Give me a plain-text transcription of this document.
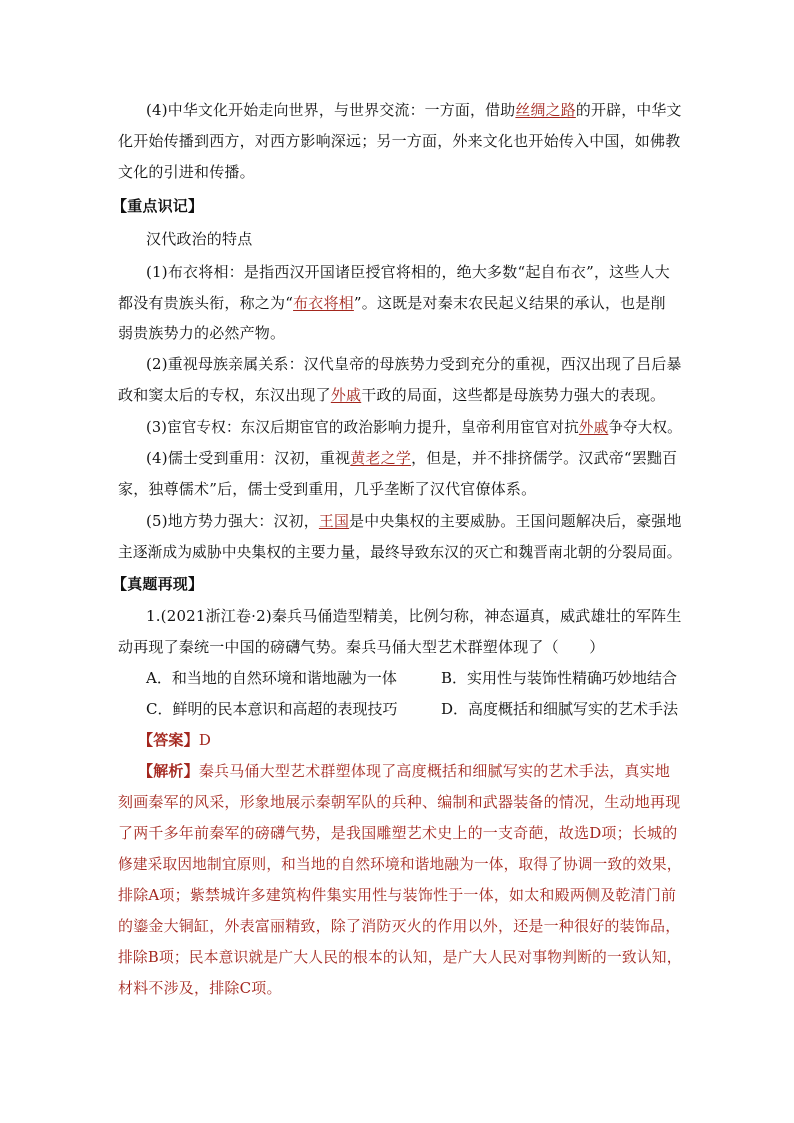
(4)中华文化开始走向世界，与世界交流：一方面，借助丝绸之路的开辟，中华文
化开始传播到西方，对西方影响深远；另一方面，外来文化也开始传入中国，如佛教
文化的引进和传播。
【重点识记】
汉代政治的特点
(1)布衣将相：是指西汉开国诸臣授官将相的，绝大多数“起自布衣”，这些人大
都没有贵族头衔，称之为“布衣将相”。这既是对秦末农民起义结果的承认，也是削
弱贵族势力的必然产物。
(2)重视母族亲属关系：汉代皇帝的母族势力受到充分的重视，西汉出现了吕后暴
政和窦太后的专权，东汉出现了外戚干政的局面，这些都是母族势力强大的表现。
(3)宦官专权：东汉后期宦官的政治影响力提升，皇帝利用宦官对抗外戚争夺大权。
(4)儒士受到重用：汉初，重视黄老之学，但是，并不排挤儒学。汉武帝“罢黜百
家，独尊儒术”后，儒士受到重用，几乎垄断了汉代官僚体系。
(5)地方势力强大：汉初，王国是中央集权的主要威胁。王国问题解决后，豪强地
主逐渐成为威胁中央集权的主要力量，最终导致东汉的灭亡和魏晋南北朝的分裂局面。
【真题再现】
1.(2021浙江卷·2)秦兵马俑造型精美，比例匀称，神态逼真，威武雄壮的军阵生
动再现了秦统一中国的磅礴气势。秦兵马俑大型艺术群塑体现了（　　）
A．和当地的自然环境和谐地融为一体	B．实用性与装饰性精确巧妙地结合
C．鲜明的民本意识和高超的表现技巧	D．高度概括和细腻写实的艺术手法
【答案】D
【解析】秦兵马俑大型艺术群塑体现了高度概括和细腻写实的艺术手法，真实地
刻画秦军的风采，形象地展示秦朝军队的兵种、编制和武器装备的情况，生动地再现
了两千多年前秦军的磅礴气势，是我国雕塑艺术史上的一支奇葩，故选D项；长城的
修建采取因地制宜原则，和当地的自然环境和谐地融为一体，取得了协调一致的效果，
排除A项；紫禁城许多建筑构件集实用性与装饰性于一体，如太和殿两侧及乾清门前
的鎏金大铜缸，外表富丽精致，除了消防灭火的作用以外，还是一种很好的装饰品，
排除B项；民本意识就是广大人民的根本的认知，是广大人民对事物判断的一致认知，
材料不涉及，排除C项。
